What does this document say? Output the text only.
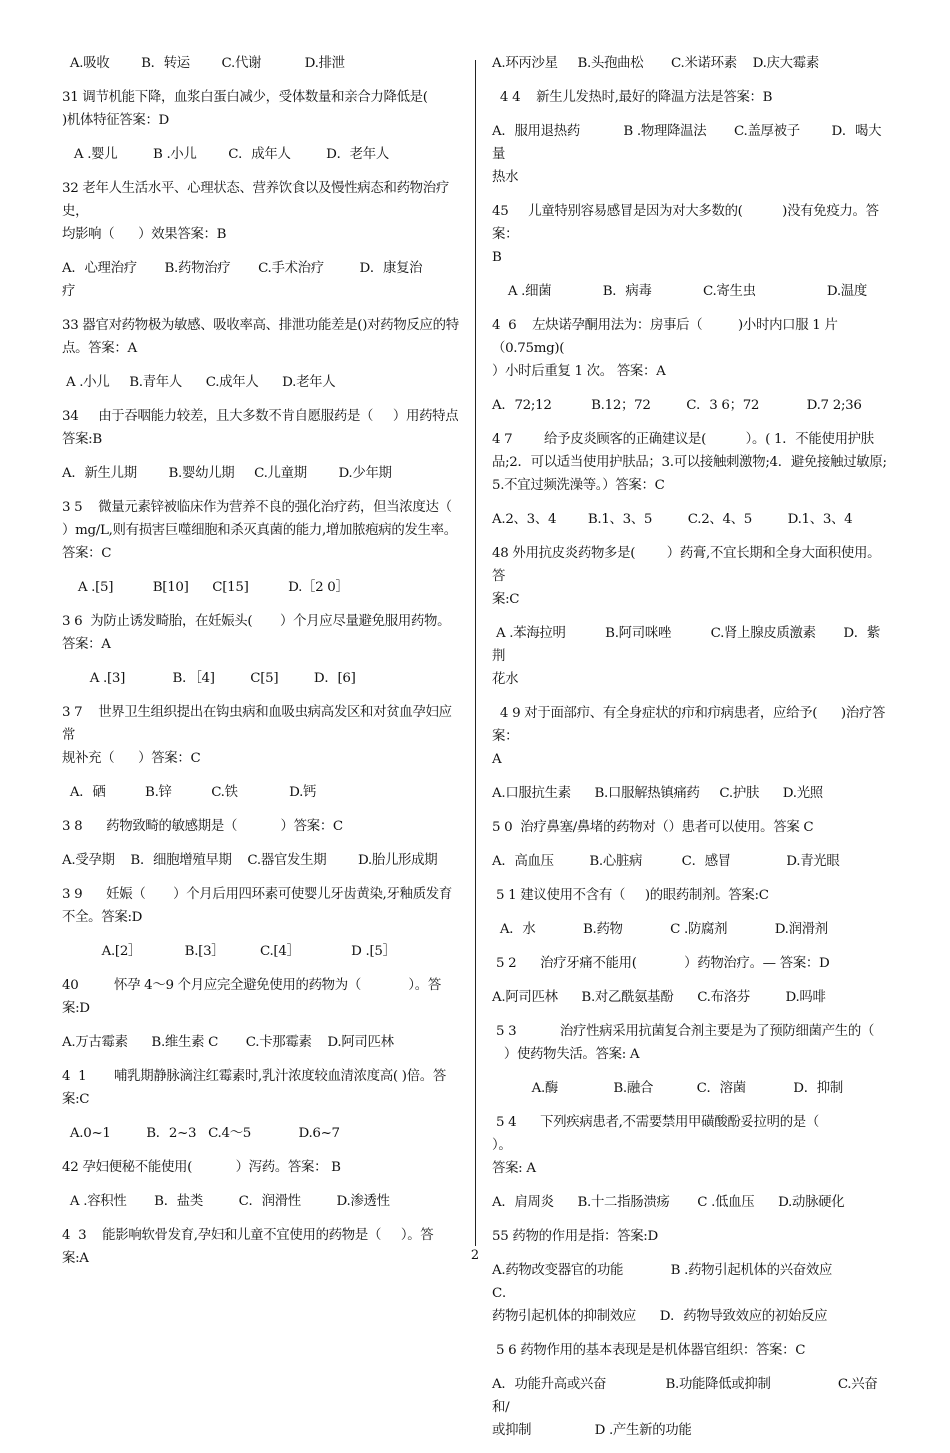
A.吸收        B．转运        C.代谢           D.排泄

31 调节机能下降，血浆白蛋白减少，受体数量和亲合力降低是(
)机体特征答案：D

A .婴儿         B .小儿        C．成年人         D．老年人

32 老年人生活水平、心理状态、营养饮食以及慢性病态和药物治疗史，
均影响（      ）效果答案：B

A．心理治疗       B.药物治疗       C.手术治疗         D．康复治
疗

33 器官对药物极为敏感、吸收率高、排泄功能差是()对药物反应的特
点。答案：A

A .小儿     B.青年人      C.成年人      D.老年人

34     由于吞咽能力较差，且大多数不肯自愿服药是（     ）用药特点
答案:B

A．新生儿期        B.婴幼儿期     C.儿童期        D.少年期

3 5    微量元素锌被临床作为营养不良的强化治疗药，但当浓度达（
）mg/L,则有损害巨噬细胞和杀灭真菌的能力,增加脓疱病的发生率。
答案：C

A .[5]          B[10]      C[15]          D.［2 0］

3 6  为防止诱发畸胎，在妊娠头(       ）个月应尽量避免服用药物。
答案：A

A .[3]            B．［4]         C[5]         D．[6]

3 7    世界卫生组织提出在钩虫病和血吸虫病高发区和对贫血孕妇应常
规补充（      ）答案：C

A．硒          B.锌          C.铁             D.钙

3 8      药物致畸的敏感期是（           ）答案：C

A.受孕期    B．细胞增殖早期    C.器官发生期        D.胎儿形成期

3 9      妊娠（       ）个月后用四环素可使婴儿牙齿黄染,牙釉质发育
不全。答案:D

A.[2］           B.[3］         C.[4］             D .[5］

40         怀孕 4～9 个月应完全避免使用的药物为（            ）。答
案:D

A.万古霉素      B.维生素 C       C.卡那霉素    D.阿司匹林

4  1       哺乳期静脉滴注红霉素时,乳汁浓度较血清浓度高( )倍。答
案:C

A.0~1         B．2~3   C.4～5            D.6~7

42 孕妇便秘不能使用(           ）泻药。答案： B

A .容积性       B．盐类         C．润滑性         D.渗透性

4  3    能影响软骨发育,孕妇和儿童不宜使用的药物是（     ）。答
案:A

A.环丙沙星     B.头孢曲松       C.米诺环素    D.庆大霉素

4 4    新生儿发热时,最好的降温方法是答案：B

A．服用退热药           B .物理降温法       C.盖厚被子        D．喝大量
热水

45     儿童特别容易感冒是因为对大多数的(          )没有免疫力。答案：
B

A .细菌             B．病毒             C.寄生虫                  D.温度

4  6    左炔诺孕酮用法为：房事后（         )小时内口服 1 片（0.75mg)(
）小时后重复 1 次。 答案：A

A．72;12          B.12；72         C．3 6；72            D.7 2;36

4 7        给予皮炎顾客的正确建议是(          ）。( 1．不能使用护肤
品;2．可以适当使用护肤品；3.可以接触刺激物;4．避免接触过敏原;
5.不宜过频洗澡等。）答案：C

A.2、3、4        B.1、3、5         C.2、4、5         D.1、3、4

48 外用抗皮炎药物多是(        ）药膏,不宜长期和全身大面积使用。答
案:C

A .苯海拉明          B.阿司咪唑          C.肾上腺皮质激素       D．紫荆
花水

4 9 对于面部疖、有全身症状的疖和疖病患者，应给予(      )治疗答案：
A

A.口服抗生素      B.口服解热镇痛药     C.护肤      D.光照

5 0  治疗鼻塞/鼻堵的药物对（）患者可以使用。答案 C

A．高血压         B.心脏病          C．感冒              D.青光眼

5 1 建议使用不含有（     )的眼药制剂。答案:C

A．水            B.药物            C .防腐剂            D.润滑剂

5 2      治疗牙痛不能用(            ）药物治疗。— 答案：D

A.阿司匹林      B.对乙酰氨基酚      C.布洛芬         D.吗啡

5 3           治疗性病采用抗菌复合剂主要是为了预防细菌产生的（
）使药物失活。答案: A

A.酶              B.融合           C．溶菌            D．抑制

5 4      下列疾病患者,不需要禁用甲磺酸酚妥拉明的是（               ）。
答案: A

A．肩周炎      B.十二指肠溃疡       C .低血压      D.动脉硬化

55 药物的作用是指：答案:D

A.药物改变器官的功能            B .药物引起机体的兴奋效应            C．
药物引起机体的抑制效应      D．药物导致效应的初始反应

5 6 药物作用的基本表现是是机体器官组织：答案：C

A．功能升高或兴奋               B.功能降低或抑制                 C.兴奋和/
或抑制                D .产生新的功能

2
